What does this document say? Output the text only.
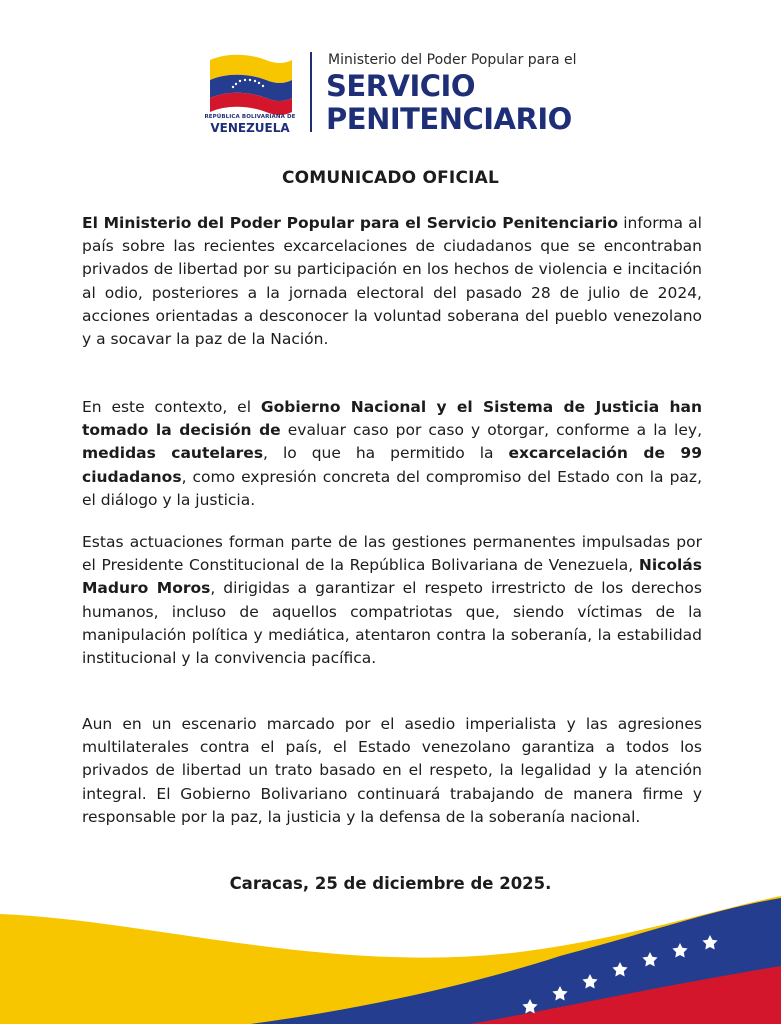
REPÚBLICA BOLIVARIANA DE
VENEZUELA
Ministerio del Poder Popular para el
SERVICIO
PENITENCIARIO
COMUNICADO OFICIAL

El Ministerio del Poder Popular para el Servicio Penitenciario informa al país sobre las recientes excarcelaciones de ciudadanos que se encontraban privados de libertad por su participación en los hechos de violencia e incitación al odio, posteriores a la jornada electoral del pasado 28 de julio de 2024, acciones orientadas a desconocer la voluntad soberana del pueblo venezolano y a socavar la paz de la Nación.

En este contexto, el Gobierno Nacional y el Sistema de Justicia han tomado la decisión de evaluar caso por caso y otorgar, conforme a la ley, medidas cautelares, lo que ha permitido la excarcelación de 99 ciudadanos, como expresión concreta del compromiso del Estado con la paz, el diálogo y la justicia.

Estas actuaciones forman parte de las gestiones permanentes impulsadas por el Presidente Constitucional de la República Bolivariana de Venezuela, Nicolás Maduro Moros, dirigidas a garantizar el respeto irrestricto de los derechos humanos, incluso de aquellos compatriotas que, siendo víctimas de la manipulación política y mediática, atentaron contra la soberanía, la estabilidad institucional y la convivencia pacífica.

Aun en un escenario marcado por el asedio imperialista y las agresiones multilaterales contra el país, el Estado venezolano garantiza a todos los privados de libertad un trato basado en el respeto, la legalidad y la atención integral. El Gobierno Bolivariano continuará trabajando de manera firme y responsable por la paz, la justicia y la defensa de la soberanía nacional.

Caracas, 25 de diciembre de 2025.
